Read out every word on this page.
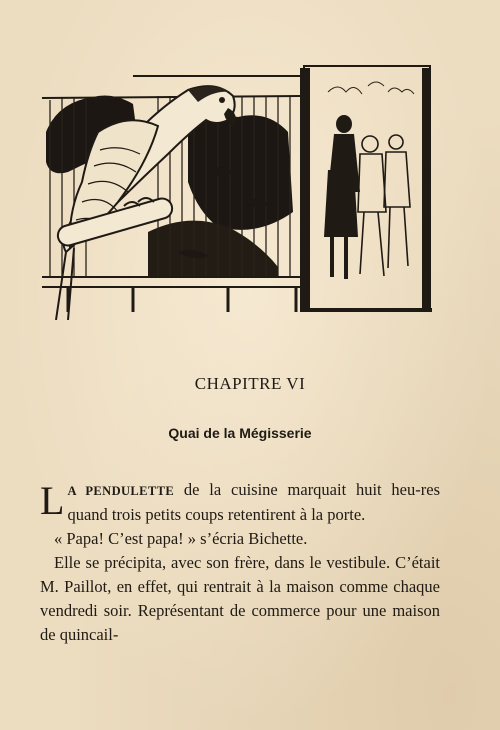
CHAPITRE VI
Quai de la Mégisserie

L A PENDULETTE de la cuisine marquait huit heu-res quand trois petits coups retentirent à la porte.

« Papa! C’est papa! » s’écria Bichette.

Elle se précipita, avec son frère, dans le vestibule. C’était M. Paillot, en effet, qui rentrait à la maison comme chaque vendredi soir. Représentant de commerce pour une maison de quincail-
